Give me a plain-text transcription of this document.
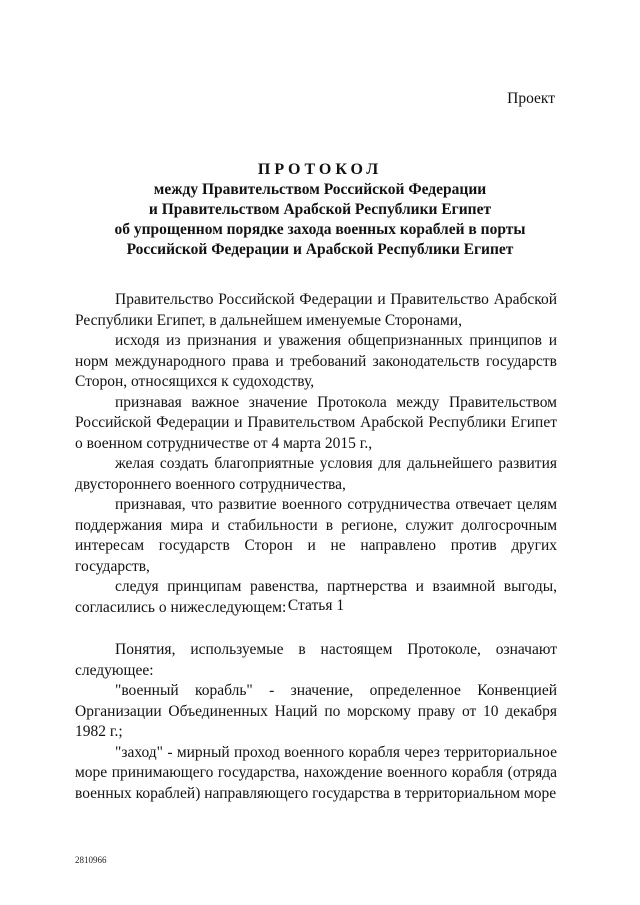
Проект
ПРОТОКОЛ
между Правительством Российской Федерации
и Правительством Арабской Республики Египет
об упрощенном порядке захода военных кораблей в порты
Российской Федерации и Арабской Республики Египет

Правительство Российской Федерации и Правительство Арабской Республики Египет, в дальнейшем именуемые Сторонами,

исходя из признания и уважения общепризнанных принципов и норм международного права и требований законодательств государств Сторон, относящихся к судоходству,

признавая важное значение Протокола между Правительством Российской Федерации и Правительством Арабской Республики Египет о военном сотрудничестве от 4 марта 2015 г.,

желая создать благоприятные условия для дальнейшего развития двустороннего военного сотрудничества,

признавая, что развитие военного сотрудничества отвечает целям поддержания мира и стабильности в регионе, служит долгосрочным интересам государств Сторон и не направлено против других государств,

следуя принципам равенства, партнерства и взаимной выгоды, согласились о нижеследующем: Статья 1

Понятия, используемые в настоящем Протоколе, означают следующее:

"военный корабль" - значение, определенное Конвенцией Организации Объединенных Наций по морскому праву от 10 декабря 1982 г.;

"заход" - мирный проход военного корабля через территориальное море принимающего государства, нахождение военного корабля (отряда военных кораблей) направляющего государства в территориальном море

2810966
